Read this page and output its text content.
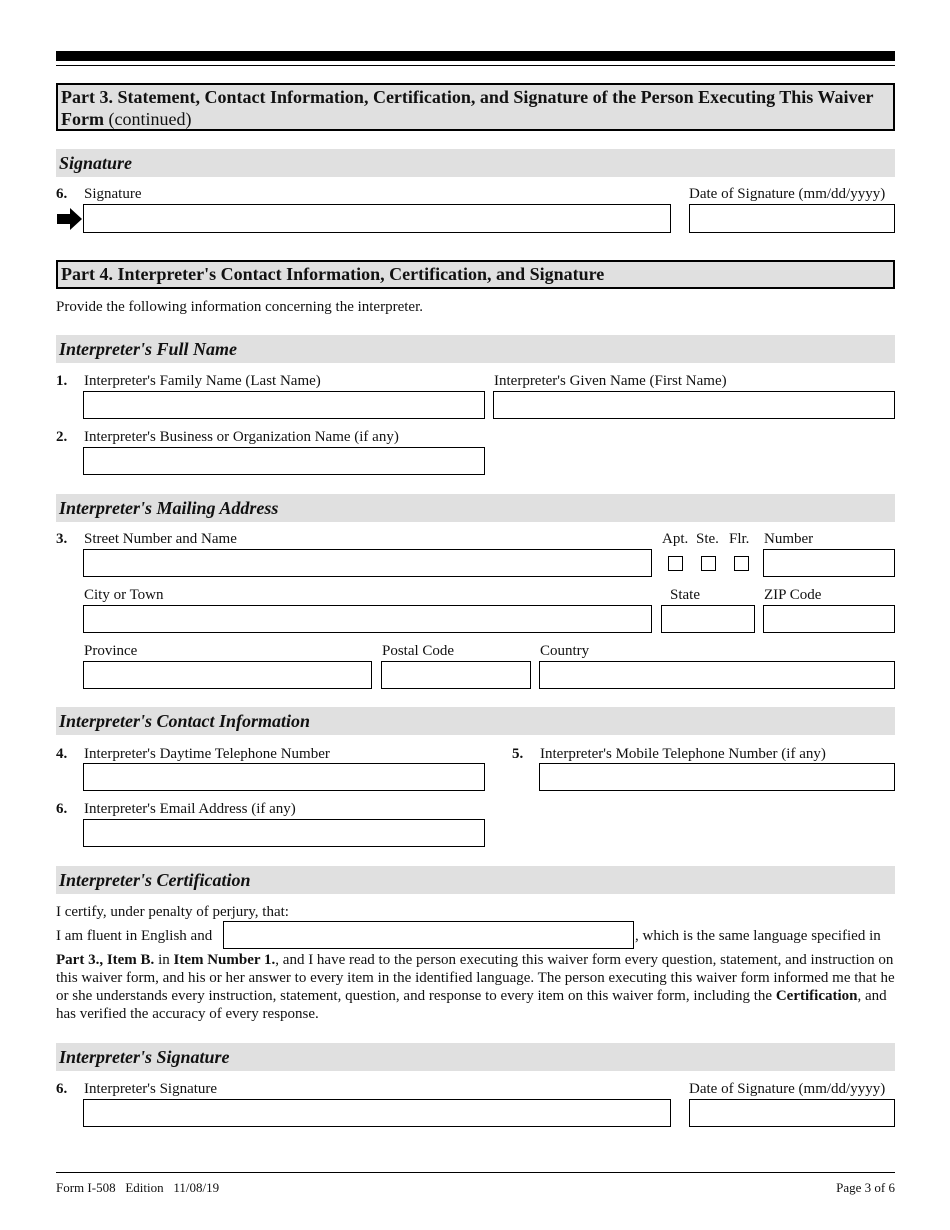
Part 3. Statement, Contact Information, Certification, and Signature of the Person Executing This Waiver Form (continued)
Signature
6. Signature	Date of Signature (mm/dd/yyyy)
Part 4. Interpreter's Contact Information, Certification, and Signature
Provide the following information concerning the interpreter.
Interpreter's Full Name
1. Interpreter's Family Name (Last Name)	Interpreter's Given Name (First Name)
2. Interpreter's Business or Organization Name (if any)
Interpreter's Mailing Address
3. Street Number and Name	Apt. Ste. Flr. Number
City or Town	State	ZIP Code
Province	Postal Code	Country
Interpreter's Contact Information
4. Interpreter's Daytime Telephone Number	5. Interpreter's Mobile Telephone Number (if any)
6. Interpreter's Email Address (if any)
Interpreter's Certification
I certify, under penalty of perjury, that:
I am fluent in English and	, which is the same language specified in
Part 3., Item B. in Item Number 1., and I have read to the person executing this waiver form every question, statement, and instruction on this waiver form, and his or her answer to every item in the identified language. The person executing this waiver form informed me that he or she understands every instruction, statement, question, and response to every item on this waiver form, including the Certification, and has verified the accuracy of every response.
Interpreter's Signature
6. Interpreter's Signature	Date of Signature (mm/dd/yyyy)
Form I-508   Edition   11/08/19	Page 3 of 6
